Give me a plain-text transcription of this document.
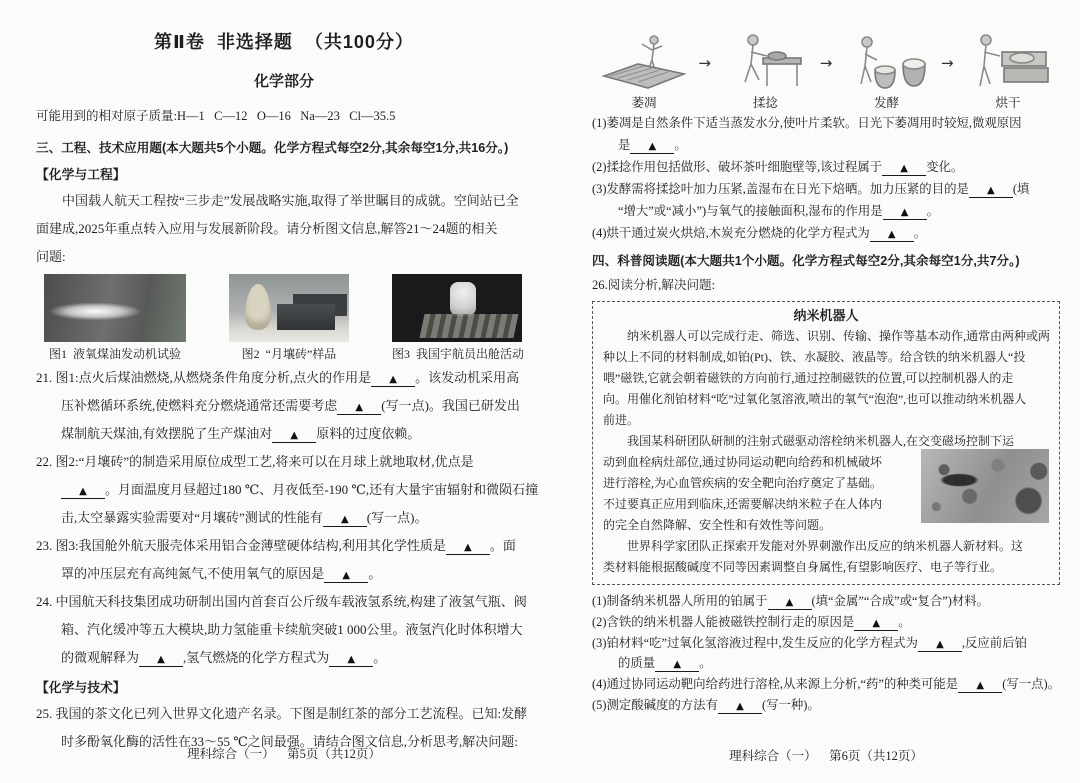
第Ⅱ卷  非选择题  （共100分）
化学部分
可能用到的相对原子质量:H—1   C—12   O—16   Na—23   Cl—35.5
三、工程、技术应用题(本大题共5个小题。化学方程式每空2分,其余每空1分,共16分。)
【化学与工程】
中国载人航天工程按“三步走”发展战略实施,取得了举世瞩目的成就。空间站已全
面建成,2025年重点转入应用与发展新阶段。请分析图文信息,解答21～24题的相关
问题:
图1  液氧煤油发动机试验	图2  “月壤砖”样品	图3  我国宇航员出舱活动
21. 图1:点火后煤油燃烧,从燃烧条件角度分析,点火的作用是 ▲ 。该发动机采用高
压补燃循环系统,使燃料充分燃烧通常还需要考虑 ▲ (写一点)。我国已研发出
煤制航天煤油,有效摆脱了生产煤油对 ▲ 原料的过度依赖。
22. 图2:“月壤砖”的制造采用原位成型工艺,将来可以在月球上就地取材,优点是
▲ 。月面温度月昼超过180 ℃、月夜低至-190 ℃,还有大量宇宙辐射和微陨石撞
击,太空暴露实验需要对“月壤砖”测试的性能有 ▲ (写一点)。
23. 图3:我国舱外航天服壳体采用铝合金薄壁硬体结构,利用其化学性质是 ▲ 。面
罩的冲压层充有高纯氮气,不使用氧气的原因是 ▲ 。
24. 中国航天科技集团成功研制出国内首套百公斤级车载液氢系统,构建了液氢气瓶、阀
箱、汽化缓冲等五大模块,助力氢能重卡续航突破1 000公里。液氢汽化时体积增大
的微观解释为 ▲ ,氢气燃烧的化学方程式为 ▲ 。
【化学与技术】
25. 我国的茶文化已列入世界文化遗产名录。下图是制红茶的部分工艺流程。已知:发酵
时多酚氧化酶的活性在33～55 ℃之间最强。请结合图文信息,分析思考,解决问题:
理科综合（一）    第5页（共12页）
萎凋
→
揉捻
→
发酵
→
烘干
(1)萎凋是自然条件下适当蒸发水分,使叶片柔软。日光下萎凋用时较短,微观原因
是 ▲ 。
(2)揉捻作用包括做形、破坏茶叶细胞壁等,该过程属于 ▲ 变化。
(3)发酵需将揉捻叶加力压紧,盖湿布在日光下焙晒。加力压紧的目的是 ▲ (填
“增大”或“减小”)与氧气的接触面积,湿布的作用是 ▲ 。
(4)烘干通过炭火烘焙,木炭充分燃烧的化学方程式为 ▲ 。
四、科普阅读题(本大题共1个小题。化学方程式每空2分,其余每空1分,共7分。)
26.阅读分析,解决问题:
纳米机器人
纳米机器人可以完成行走、筛选、识别、传输、操作等基本动作,通常由两种或两
种以上不同的材料制成,如铂(Pt)、铁、水凝胶、液晶等。给含铁的纳米机器人“投
喂”磁铁,它就会朝着磁铁的方向前行,通过控制磁铁的位置,可以控制机器人的走
向。用催化剂铂材料“吃”过氧化氢溶液,喷出的氧气“泡泡”,也可以推动纳米机器人
前进。
我国某科研团队研制的注射式磁驱动溶栓纳米机器人,在交变磁场控制下运
动到血栓病灶部位,通过协同运动靶向给药和机械破坏
进行溶栓,为心血管疾病的安全靶向治疗奠定了基础。
不过要真正应用到临床,还需要解决纳米粒子在人体内
的完全自然降解、安全性和有效性等问题。
世界科学家团队正探索开发能对外界刺激作出反应的纳米机器人新材料。这
类材料能根据酸碱度不同等因素调整自身属性,有望影响医疗、电子等行业。
(1)制备纳米机器人所用的铂属于 ▲ (填“金属”“合成”或“复合”)材料。
(2)含铁的纳米机器人能被磁铁控制行走的原因是 ▲ 。
(3)铂材料“吃”过氧化氢溶液过程中,发生反应的化学方程式为 ▲ ,反应前后铂
的质量 ▲ 。
(4)通过协同运动靶向给药进行溶栓,从来源上分析,“药”的种类可能是 ▲ (写一点)。
(5)测定酸碱度的方法有 ▲ (写一种)。
理科综合（一）    第6页（共12页）
